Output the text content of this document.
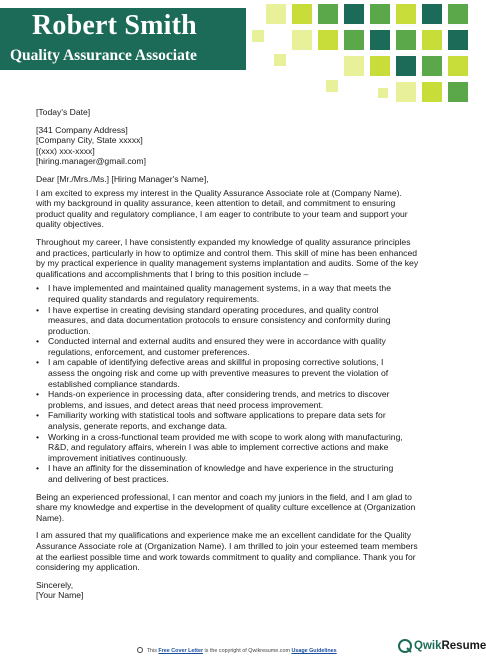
Robert Smith
Quality Assurance Associate

[Today's Date]

[341 Company Address]
[Company City, State xxxxx]
[(xxx) xxx-xxxx]
[hiring.manager@gmail.com]

Dear [Mr./Mrs./Ms.] [Hiring Manager's Name],

I am excited to express my interest in the Quality Assurance Associate role at (Company Name).
with my background in quality assurance, keen attention to detail, and commitment to ensuring
product quality and regulatory compliance, I am eager to contribute to your team and support your
quality objectives.
Throughout my career, I have consistently expanded my knowledge of quality assurance principles
and practices, particularly in how to optimize and control them. This skill of mine has been enhanced
by my practical experience in quality management systems implantation and audits. Some of the key
qualifications and accomplishments that I bring to this position include –
•	I have implemented and maintained quality management systems, in a way that meets the
required quality standards and regulatory requirements.
•	I have expertise in creating devising standard operating procedures, and quality control
measures, and data documentation protocols to ensure consistency and conformity during
production.
•	Conducted internal and external audits and ensured they were in accordance with quality
regulations, enforcement, and customer preferences.
•	I am capable of identifying defective areas and skillful in proposing corrective solutions, I
assess the ongoing risk and come up with preventive measures to prevent the violation of
established compliance standards.
•	Hands-on experience in processing data, after considering trends, and metrics to discover
problems, and issues, and detect areas that need process improvement.
•	Familiarity working with statistical tools and software applications to prepare data sets for
analysis, generate reports, and exchange data.
•	Working in a cross-functional team provided me with scope to work along with manufacturing,
R&D, and regulatory affairs, wherein I was able to implement corrective actions and make
improvement initiatives continuously.
•	I have an affinity for the dissemination of knowledge and have experience in the structuring
and delivering of best practices.
Being an experienced professional, I can mentor and coach my juniors in the field, and I am glad to
share my knowledge and expertise in the development of quality culture excellence at (Organization
Name).
I am assured that my qualifications and experience make me an excellent candidate for the Quality
Assurance Associate role at (Organization Name). I am thrilled to join your esteemed team members
at the earliest possible time and work towards commitment to quality and compliance. Thank you for
considering my application.
Sincerely,
[Your Name]
This Free Cover Letter is the copyright of Qwikresume.com Usage Guidelines	QwikResume
